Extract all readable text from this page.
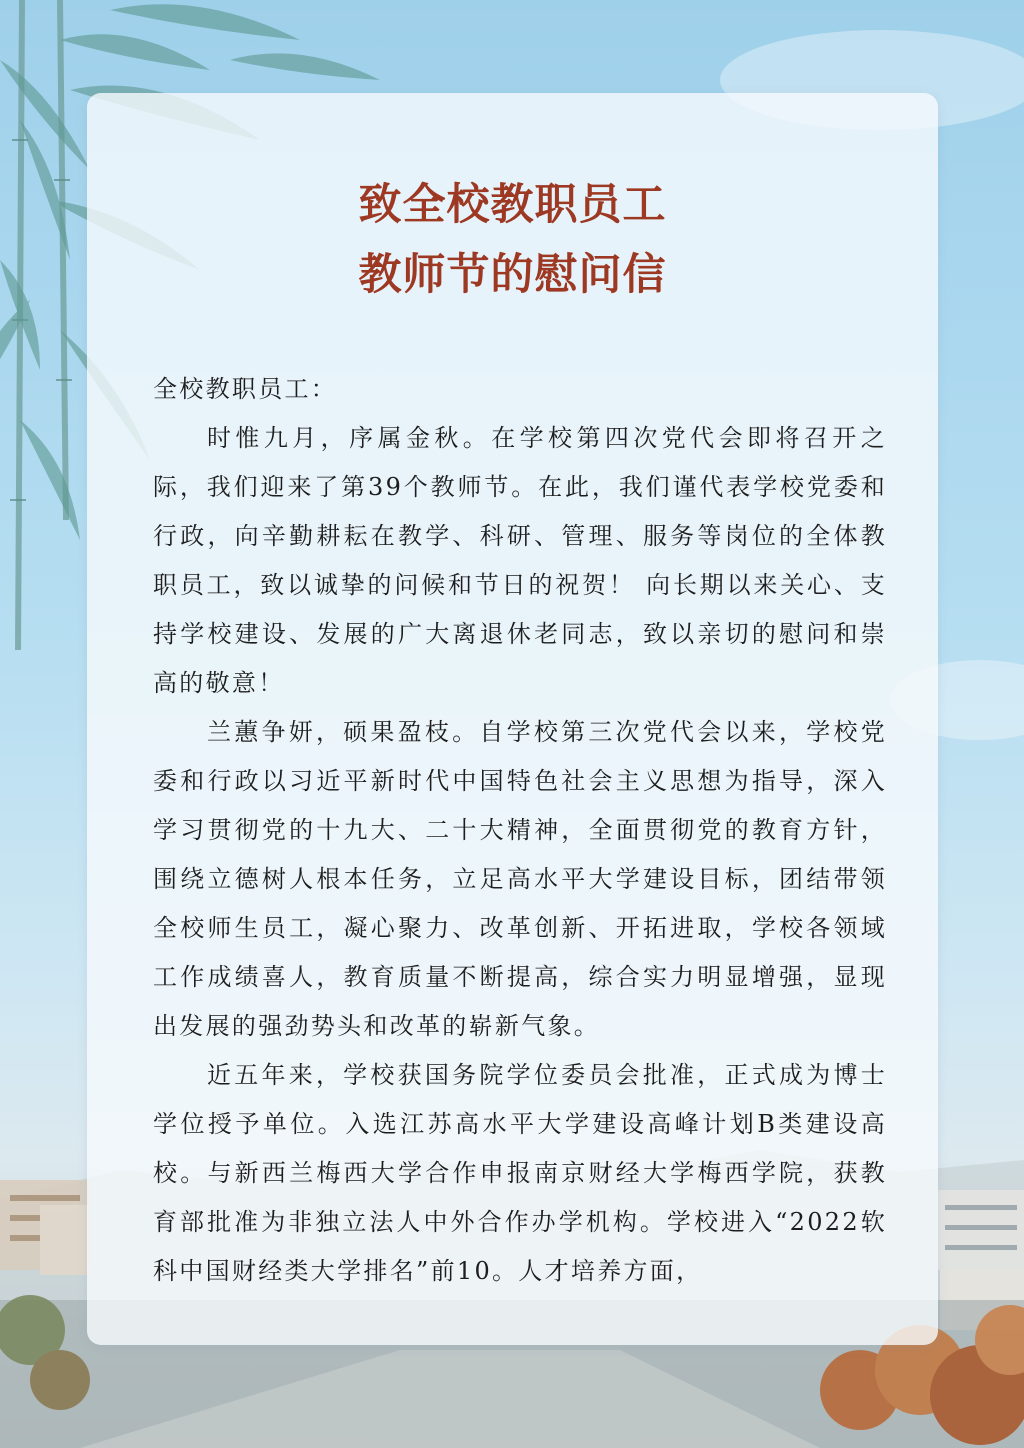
致全校教职员工
教师节的慰问信

全校教职员工：

时惟九月，序属金秋。在学校第四次党代会即将召开之际，我们迎来了第39个教师节。在此，我们谨代表学校党委和行政，向辛勤耕耘在教学、科研、管理、服务等岗位的全体教职员工，致以诚挚的问候和节日的祝贺！ 向长期以来关心、支持学校建设、发展的广大离退休老同志，致以亲切的慰问和崇高的敬意！

兰蕙争妍，硕果盈枝。自学校第三次党代会以来，学校党委和行政以习近平新时代中国特色社会主义思想为指导，深入学习贯彻党的十九大、二十大精神，全面贯彻党的教育方针，围绕立德树人根本任务，立足高水平大学建设目标，团结带领全校师生员工，凝心聚力、改革创新、开拓进取，学校各领域工作成绩喜人，教育质量不断提高，综合实力明显增强，显现出发展的强劲势头和改革的崭新气象。

近五年来，学校获国务院学位委员会批准，正式成为博士学位授予单位。入选江苏高水平大学建设高峰计划B类建设高校。与新西兰梅西大学合作申报南京财经大学梅西学院，获教育部批准为非独立法人中外合作办学机构。学校进入“2022软科中国财经类大学排名”前10。人才培养方面，
